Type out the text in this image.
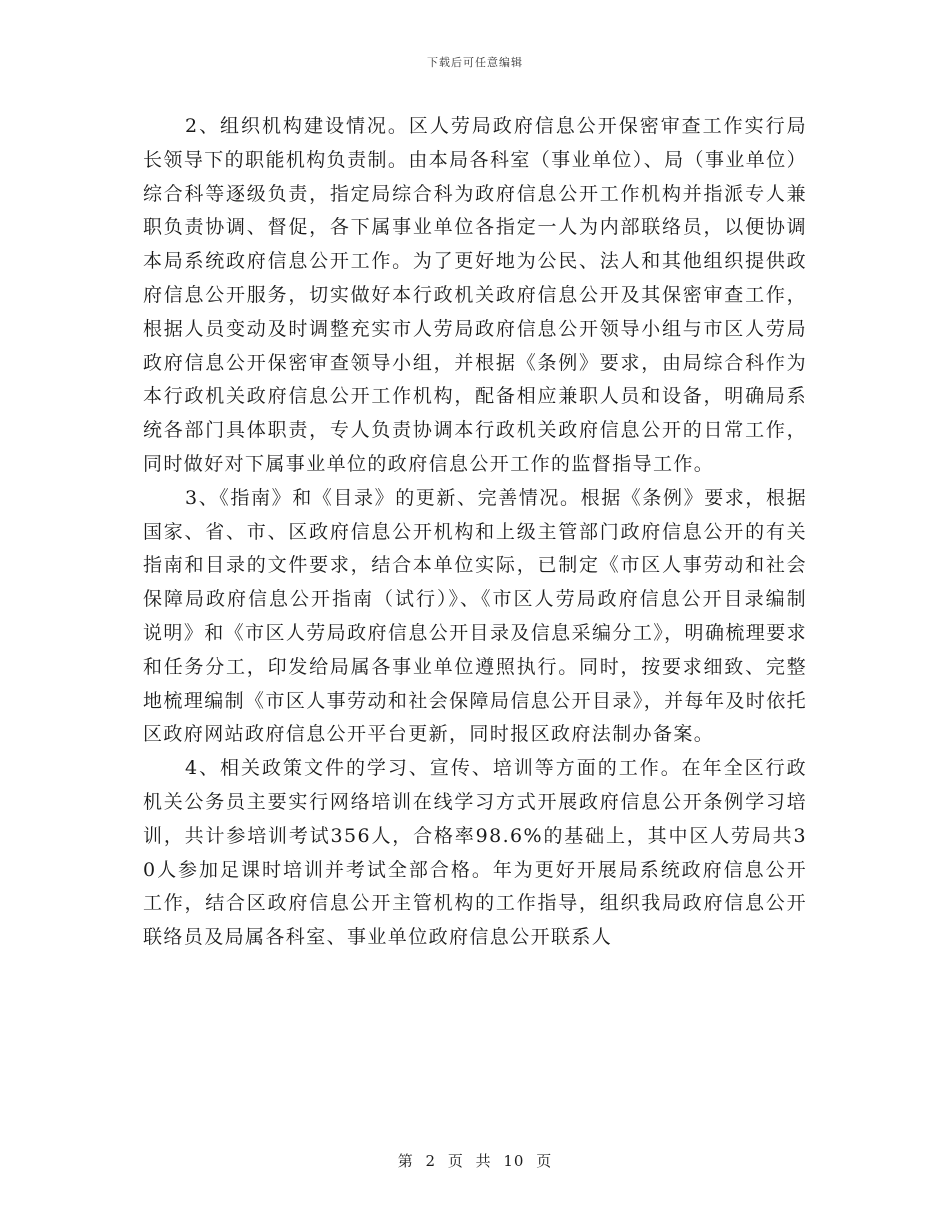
下载后可任意编辑

2、组织机构建设情况。区人劳局政府信息公开保密审查工作实行局长领导下的职能机构负责制。由本局各科室（事业单位）、局（事业单位）综合科等逐级负责，指定局综合科为政府信息公开工作机构并指派专人兼职负责协调、督促，各下属事业单位各指定一人为内部联络员，以便协调本局系统政府信息公开工作。为了更好地为公民、法人和其他组织提供政府信息公开服务，切实做好本行政机关政府信息公开及其保密审查工作，根据人员变动及时调整充实市人劳局政府信息公开领导小组与市区人劳局政府信息公开保密审查领导小组，并根据《条例》要求，由局综合科作为本行政机关政府信息公开工作机构，配备相应兼职人员和设备，明确局系统各部门具体职责，专人负责协调本行政机关政府信息公开的日常工作，同时做好对下属事业单位的政府信息公开工作的监督指导工作。

3、《指南》和《目录》的更新、完善情况。根据《条例》要求，根据国家、省、市、区政府信息公开机构和上级主管部门政府信息公开的有关指南和目录的文件要求，结合本单位实际，已制定《市区人事劳动和社会保障局政府信息公开指南（试行）》、《市区人劳局政府信息公开目录编制说明》和《市区人劳局政府信息公开目录及信息采编分工》，明确梳理要求和任务分工，印发给局属各事业单位遵照执行。同时，按要求细致、完整地梳理编制《市区人事劳动和社会保障局信息公开目录》，并每年及时依托区政府网站政府信息公开平台更新，同时报区政府法制办备案。

4、相关政策文件的学习、宣传、培训等方面的工作。在年全区行政机关公务员主要实行网络培训在线学习方式开展政府信息公开条例学习培训，共计参培训考试356人，合格率98.6%的基础上，其中区人劳局共30人参加足课时培训并考试全部合格。年为更好开展局系统政府信息公开工作，结合区政府信息公开主管机构的工作指导，组织我局政府信息公开联络员及局属各科室、事业单位政府信息公开联系人

第 2 页 共 10 页
